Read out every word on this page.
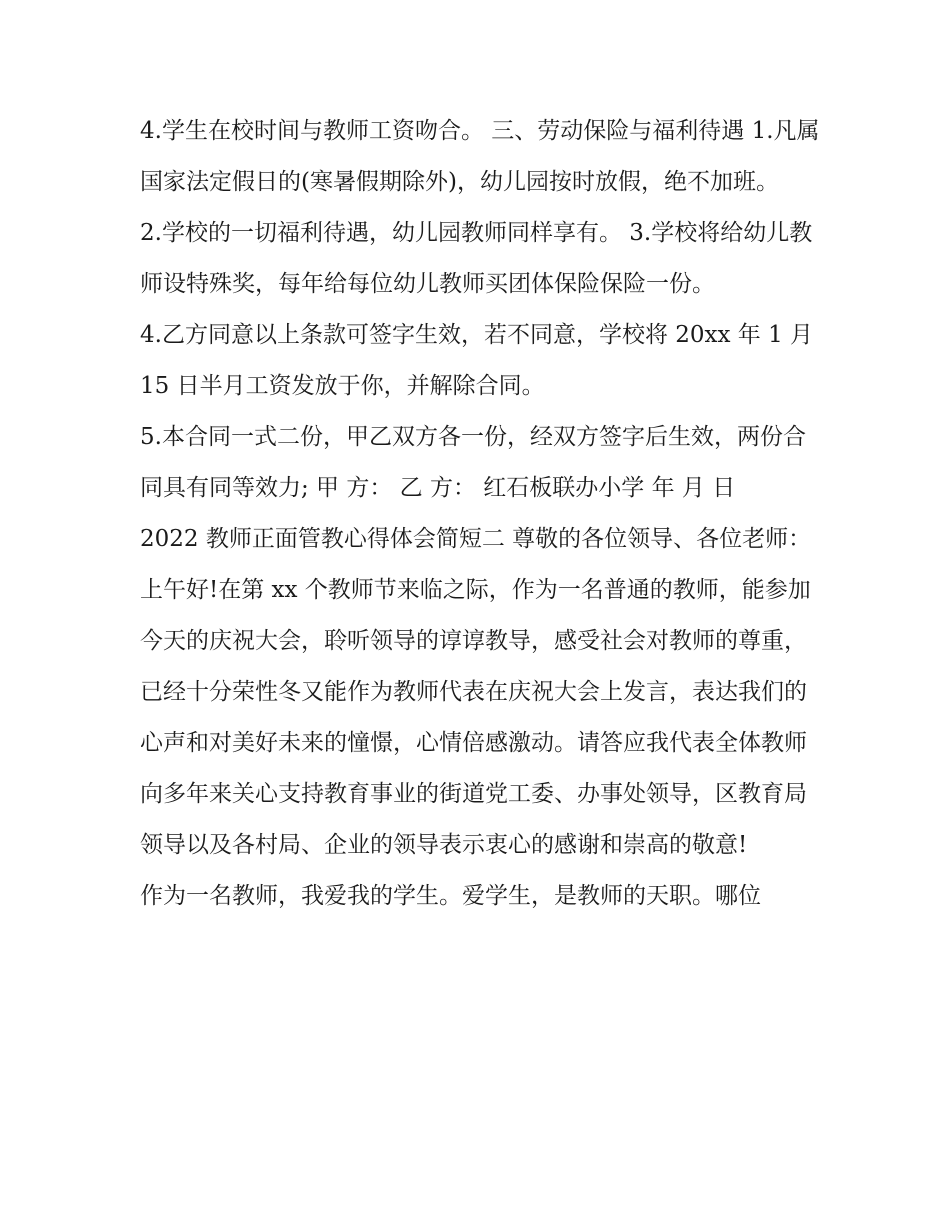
4.学生在校时间与教师工资吻合。 三、劳动保险与福利待遇 1.凡属国家法定假日的(寒暑假期除外)，幼儿园按时放假，绝不加班。

2.学校的一切福利待遇，幼儿园教师同样享有。 3.学校将给幼儿教师设特殊奖，每年给每位幼儿教师买团体保险保险一份。

4.乙方同意以上条款可签字生效，若不同意，学校将 20xx 年 1 月 15 日半月工资发放于你，并解除合同。

5.本合同一式二份，甲乙双方各一份，经双方签字后生效，两份合同具有同等效力; 甲 方： 乙 方： 红石板联办小学 年 月 日

2022 教师正面管教心得体会简短二 尊敬的各位领导、各位老师：

上午好!在第 xx 个教师节来临之际，作为一名普通的教师，能参加今天的庆祝大会，聆听领导的谆谆教导，感受社会对教师的尊重，已经十分荣性冬又能作为教师代表在庆祝大会上发言，表达我们的心声和对美好未来的憧憬，心情倍感激动。请答应我代表全体教师向多年来关心支持教育事业的街道党工委、办事处领导，区教育局领导以及各村局、企业的领导表示衷心的感谢和崇高的敬意!

作为一名教师，我爱我的学生。爱学生，是教师的天职。哪位
